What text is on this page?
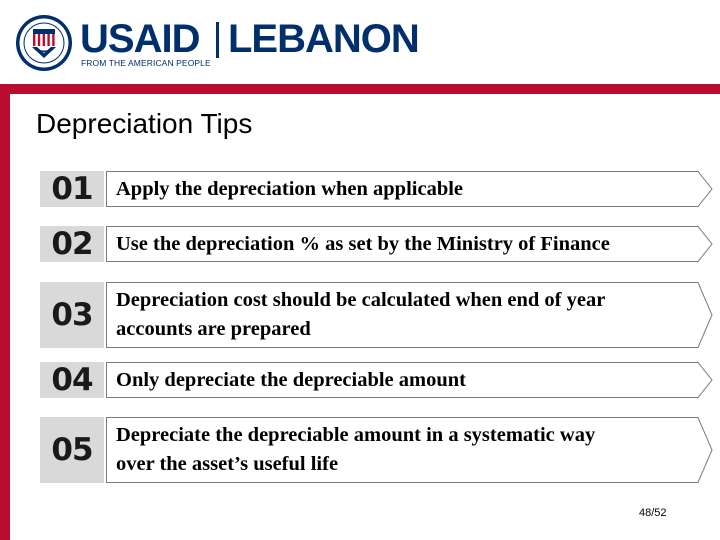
USAID LEBANON
FROM THE AMERICAN PEOPLE
Depreciation Tips
01	Apply the depreciation when applicable
02	Use the depreciation % as set by the Ministry of Finance
03	Depreciation cost should be calculated when end of year
accounts are prepared
04	Only depreciate the depreciable amount
05	Depreciate the depreciable amount in a systematic way
over the asset’s useful life
48/52
